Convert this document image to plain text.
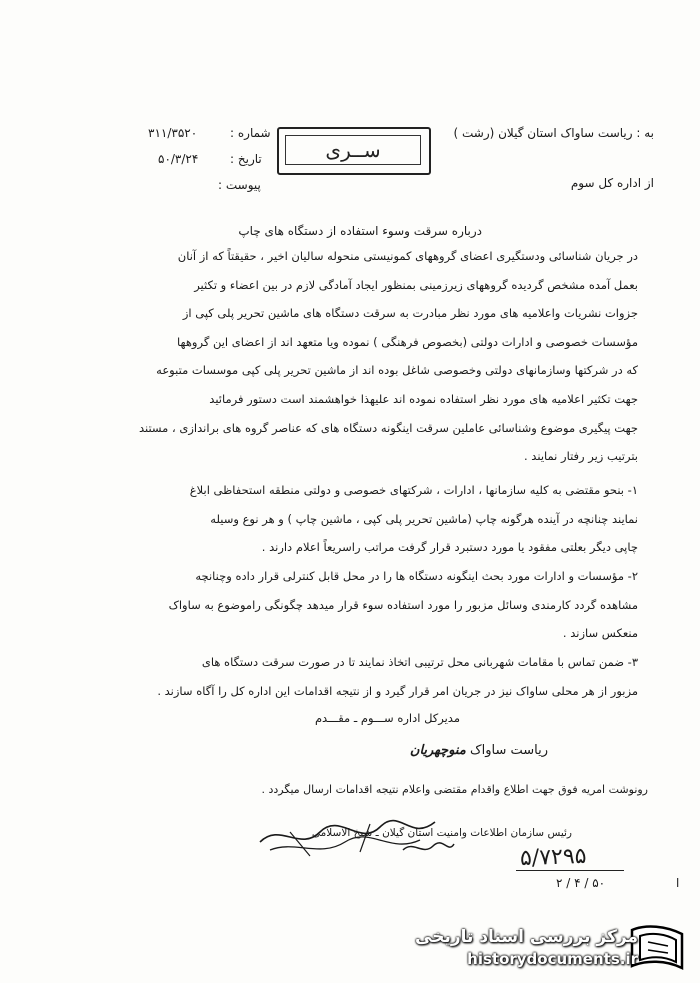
به : ریاست ساواک استان گیلان (رشت )
از اداره کل سوم
شماره :
۳۱۱/۳۵۲۰
تاریخ :
۵۰/۳/۲۴
پیوست :
ســری
درباره سرقت وسوء استفاده از دستگاه های چاپ
در جریان شناسائی ودستگیری اعضای گروههای کمونیستی منحوله سالیان اخیر ، حقیقتاً که از آنان
بعمل آمده مشخص گردیده گروههای زیرزمینی بمنظور ایجاد آمادگی لازم در بین اعضاء و تکثیر
جزوات نشریات واعلامیه های مورد نظر مبادرت به سرقت دستگاه های ماشین تحریر پلی کپی از
مؤسسات خصوصی و ادارات دولتی (بخصوص فرهنگی ) نموده ویا متعهد اند از اعضای این گروهها
که در شرکتها وسازمانهای دولتی وخصوصی شاغل بوده اند از ماشین تحریر پلی کپی موسسات متبوعه
جهت تکثیر اعلامیه های مورد نظر استفاده نموده اند علیهذا خواهشمند است دستور فرمائید
جهت پیگیری موضوع وشناسائی عاملین سرقت اینگونه دستگاه های که عناصر گروه های براندازی ، مستند
بترتیب زیر رفتار نمایند .
۱- بنحو مقتضی به کلیه سازمانها ، ادارات ، شرکتهای خصوصی و دولتی منطقه استحفاظی ابلاغ
نمایند چنانچه در آینده هرگونه چاپ (ماشین تحریر پلی کپی ، ماشین چاپ ) و هر نوع وسیله
چاپی دیگر بعلتی مفقود یا مورد دستبرد قرار گرفت مراتب راسریعاً اعلام دارند .
۲- مؤسسات و ادارات مورد بحث اینگونه دستگاه ها را در محل قابل کنترلی قرار داده وچنانچه
مشاهده گردد کارمندی وسائل مزبور را مورد استفاده سوء قرار میدهد چگونگی راموضوع به ساواک
منعکس سازند .
۳- ضمن تماس با مقامات شهربانی محل ترتیبی اتخاذ نمایند تا در صورت سرقت دستگاه های
مزبور از هر محلی ساواک نیز در جریان امر قرار گیرد و از نتیجه اقدامات این اداره کل را آگاه سازند .
مدیرکل اداره ســـوم ـ مقـــدم
ریاست ساواک منوچهریان
رونوشت امریه فوق جهت اطلاع واقدام مقتضی واعلام نتیجه اقدامات ارسال میگردد .
رئیس سازمان اطلاعات وامنیت استان گیلان ـ شیخ الاسلامی
۵/۷۲۹۵
۲ / ۴ / ۵۰	ا
مرکز بررسی اسناد تاریخی
historydocuments.ir
